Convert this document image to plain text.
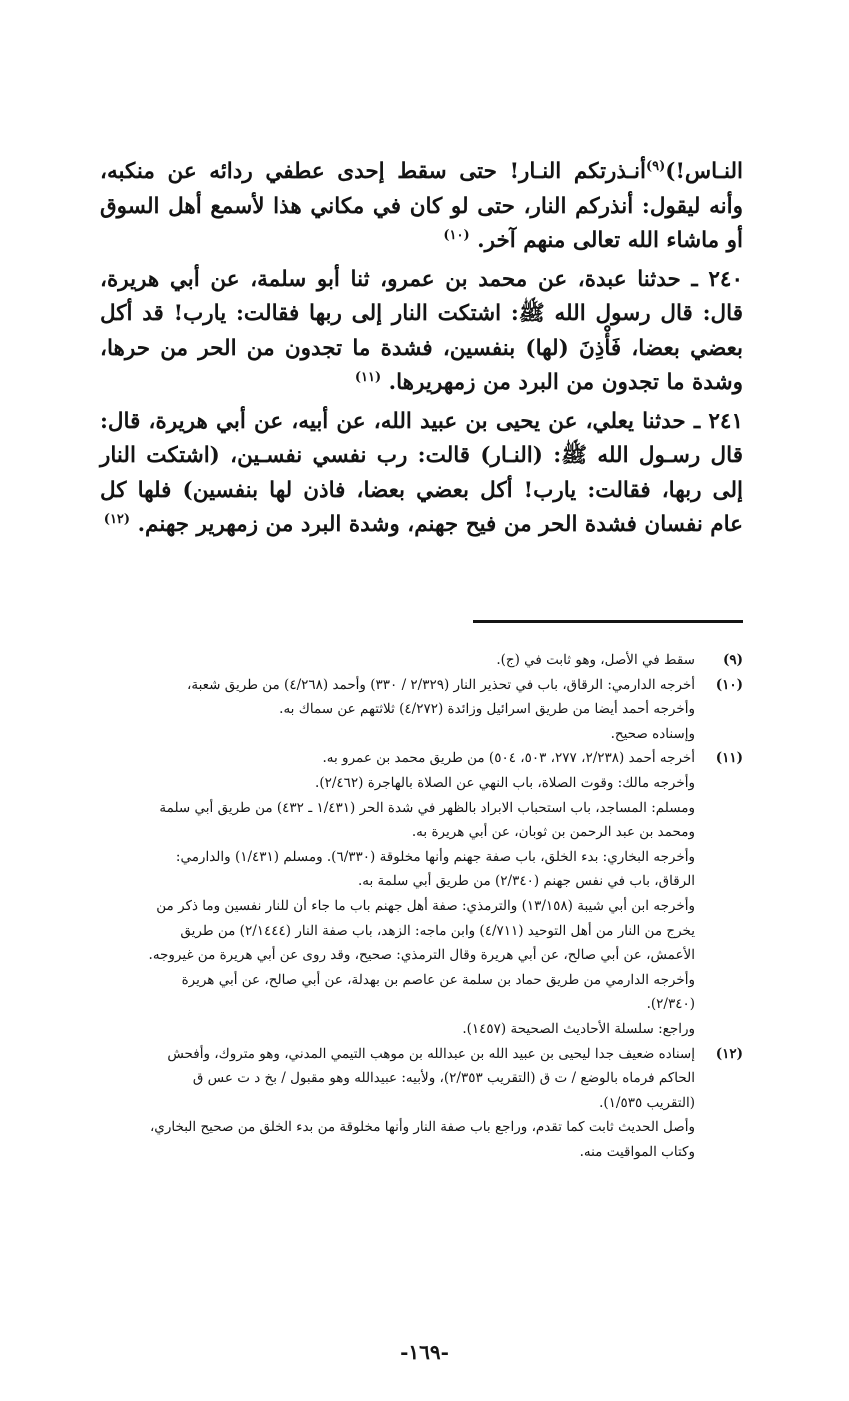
النـاس!)$^{(٩)}$أنـذرتكم النـار! حتى سقط إحدى عطفي ردائه عن منكبه، وأنه ليقول: أنذركم النار، حتى لو كان في مكاني هذا لأسمع أهل السوق أو ماشاء الله تعالى منهم آخر. $^{(١٠)}$

٢٤٠ ـ حدثنا عبدة، عن محمد بن عمرو، ثنا أبو سلمة، عن أبي هريرة، قال: قال رسول الله ﷺ: اشتكت النار إلى ربها فقالت: يارب! قد أكل بعضي بعضا، فَأْذِنَ (لها) بنفسين، فشدة ما تجدون من الحر من حرها، وشدة ما تجدون من البرد من زمهريرها. $^{(١١)}$

٢٤١ ـ حدثنا يعلي، عن يحيى بن عبيد الله، عن أبيه، عن أبي هريرة، قال: قال رسـول الله ﷺ: (النـار) قالت: رب نفسي نفسـين، (اشتكت النار إلى ربها، فقالت: يارب! أكل بعضي بعضا، فاذن لها بنفسين) فلها كل عام نفسان فشدة الحر من فيح جهنم، وشدة البرد من زمهرير جهنم. $^{(١٢)}$

(٩)
سقط في الأصل، وهو ثابت في (ج).
(١٠)
أخرجه الدارمي: الرقاق، باب في تحذير النار (٢/٣٢٩ / ٣٣٠) وأحمد (٤/٢٦٨) من طريق شعبة،
وأخرجه أحمد أيضا من طريق اسرائيل وزائدة (٤/٢٧٢) ثلاثتهم عن سماك به.
وإسناده صحيح.
(١١)
أخرجه أحمد (٢/٢٣٨، ٢٧٧، ٥٠٣، ٥٠٤) من طريق محمد بن عمرو به.
وأخرجه مالك: وقوت الصلاة، باب النهي عن الصلاة بالهاجرة (٢/٤٦٢).
ومسلم: المساجد، باب استحباب الابراد بالظهر في شدة الحر (١/٤٣١ ـ ٤٣٢) من طريق أبي سلمة
ومحمد بن عبد الرحمن بن ثوبان، عن أبي هريرة به.
وأخرجه البخاري: بدء الخلق، باب صفة جهنم وأنها مخلوقة (٦/٣٣٠). ومسلم (١/٤٣١) والدارمي:
الرقاق، باب في نفس جهنم (٢/٣٤٠) من طريق أبي سلمة به.
وأخرجه ابن أبي شيبة (١٣/١٥٨) والترمذي: صفة أهل جهنم باب ما جاء أن للنار نفسين وما ذكر من
يخرج من النار من أهل التوحيد (٤/٧١١) وابن ماجه: الزهد، باب صفة النار (٢/١٤٤٤) من طريق
الأعمش، عن أبي صالح، عن أبي هريرة وقال الترمذي: صحيح، وقد روى عن أبي هريرة من غيروجه.
وأخرجه الدارمي من طريق حماد بن سلمة عن عاصم بن بهدلة، عن أبي صالح، عن أبي هريرة
(٢/٣٤٠).
وراجع: سلسلة الأحاديث الصحيحة (١٤٥٧).
(١٢)
إسناده ضعيف جدا ليحيى بن عبيد الله بن عبدالله بن موهب التيمي المدني، وهو متروك، وأفحش
الحاكم فرماه بالوضع / ت ق (التقريب ٢/٣٥٣)، ولأبيه: عبيدالله وهو مقبول / بخ د ت عس ق
(التقريب ١/٥٣٥).
وأصل الحديث ثابت كما تقدم، وراجع باب صفة النار وأنها مخلوقة من بدء الخلق من صحيح البخاري،
وكتاب المواقيت منه.
-١٦٩-
